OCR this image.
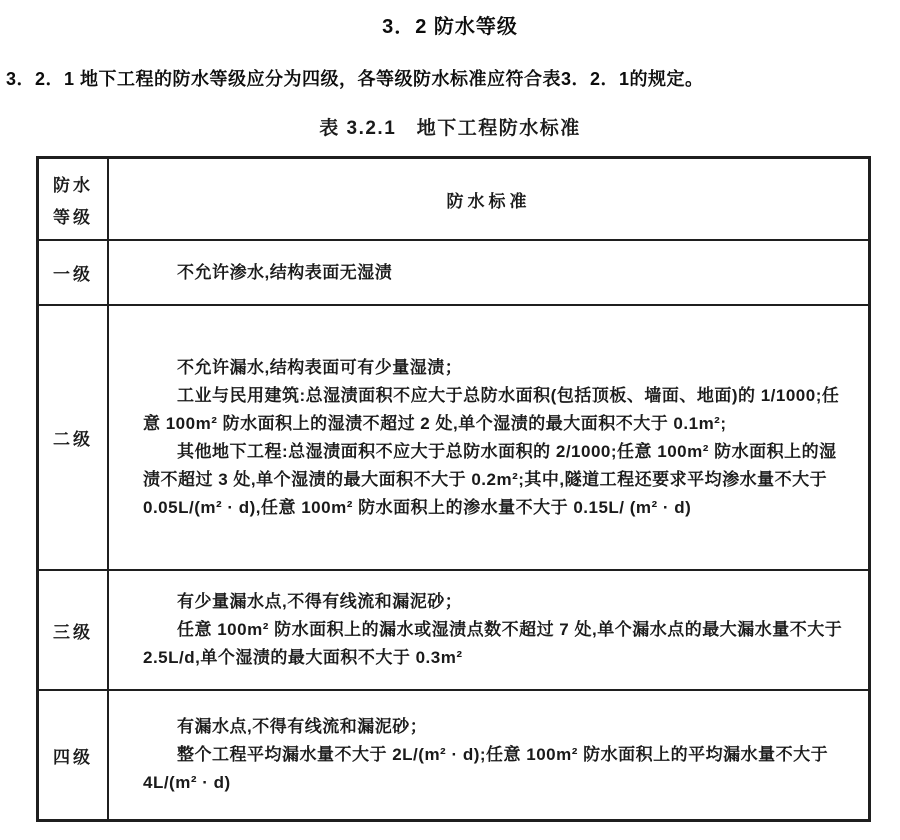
3．2 防水等级

3．2．1 地下工程的防水等级应分为四级，各等级防水标准应符合表3．2．1的规定。

表 3.2.1　地下工程防水标准
防水
等级
防水标准
一级	不允许渗水,结构表面无湿渍

二级

不允许漏水,结构表面可有少量湿渍；

工业与民用建筑:总湿渍面积不应大于总防水面积(包括顶板、墙面、地面)的 1/1000;任意 100m² 防水面积上的湿渍不超过 2 处,单个湿渍的最大面积不大于 0.1m²;

其他地下工程:总湿渍面积不应大于总防水面积的 2/1000;任意 100m² 防水面积上的湿渍不超过 3 处,单个湿渍的最大面积不大于 0.2m²;其中,隧道工程还要求平均渗水量不大于 0.05L/(m² · d),任意 100m² 防水面积上的渗水量不大于 0.15L/ (m² · d)

三级

有少量漏水点,不得有线流和漏泥砂；

任意 100m² 防水面积上的漏水或湿渍点数不超过 7 处,单个漏水点的最大漏水量不大于 2.5L/d,单个湿渍的最大面积不大于 0.3m²

四级

有漏水点,不得有线流和漏泥砂；

整个工程平均漏水量不大于 2L/(m² · d);任意 100m² 防水面积上的平均漏水量不大于 4L/(m² · d)
